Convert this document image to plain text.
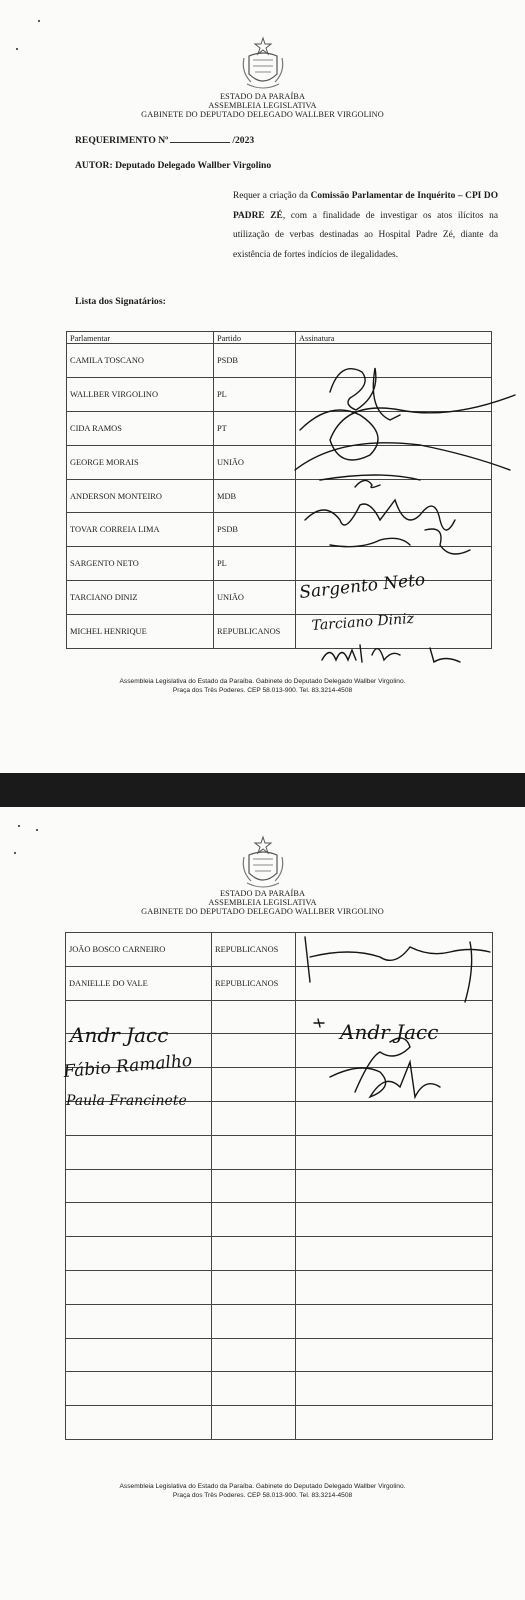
ESTADO DA PARAÍBA
ASSEMBLEIA LEGISLATIVA
GABINETE DO DEPUTADO DELEGADO WALLBER VIRGOLINO
REQUERIMENTO Nº	/2023
AUTOR: Deputado Delegado Wallber Virgolino
Requer a criação da Comissão Parlamentar de Inquérito – CPI DO PADRE ZÉ, com a finalidade de investigar os atos ilícitos na utilização de verbas destinadas ao Hospital Padre Zé, diante da existência de fortes indícios de ilegalidades.
Lista dos Signatários:
Parlamentar	Partido	Assinatura
CAMILA TOSCANO	PSDB	
WALLBER VIRGOLINO	PL	
CIDA RAMOS	PT	
GEORGE MORAIS	UNIÃO	
ANDERSON MONTEIRO	MDB	
TOVAR CORREIA LIMA	PSDB	
SARGENTO NETO	PL	
TARCIANO DINIZ	UNIÃO	
MICHEL HENRIQUE	REPUBLICANOS	
Sargento Neto
Tarciano Diniz
Assembleia Legislativa do Estado da Paraíba. Gabinete do Deputado Delegado Wallber Virgolino.
Praça dos Três Poderes. CEP 58.013-900. Tel. 83.3214-4508
ESTADO DA PARAÍBA
ASSEMBLEIA LEGISLATIVA
GABINETE DO DEPUTADO DELEGADO WALLBER VIRGOLINO
JOÃO BOSCO CARNEIRO	REPUBLICANOS	
DANIELLE DO VALE	REPUBLICANOS	

Andr Jacc
Fábio Ramalho
Paula Francinete
Andr Jacc
Assembleia Legislativa do Estado da Paraíba. Gabinete do Deputado Delegado Wallber Virgolino.
Praça dos Três Poderes. CEP 58.013-900. Tel. 83.3214-4508
